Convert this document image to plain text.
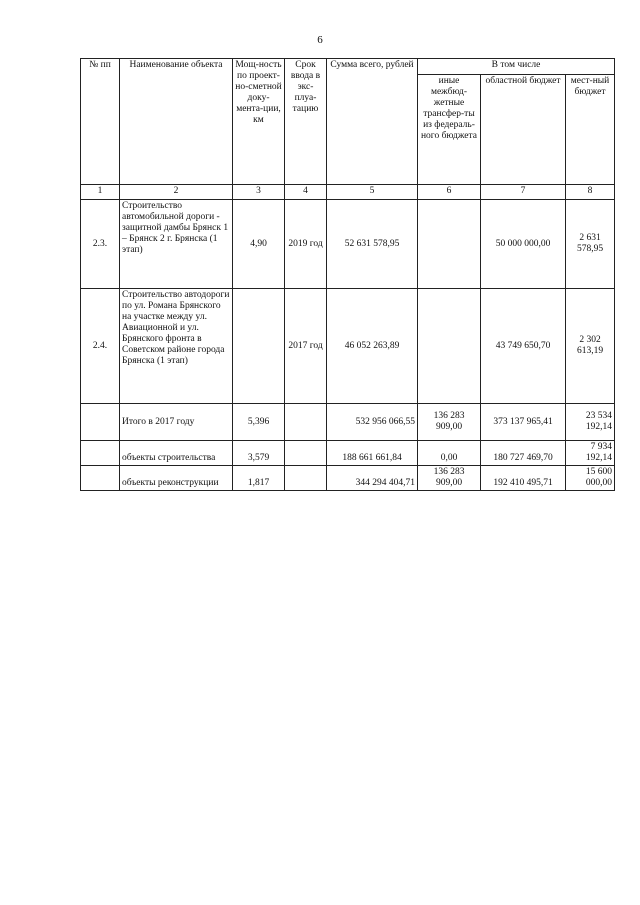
6
№ пп	Наименование объекта	Мощ-ность по проект-но-сметной доку-мента-ции, км	Срок ввода в экс-плуа-тацию	Сумма всего, рублей	В том числе		
					иные межбюд-жетные трансфер-ты из федераль-ного бюджета	областной бюджет	мест-ный бюджет
1	2	3	4	5	6	7	8
2.3.	Строительство автомобильной дороги - защитной дамбы Брянск 1 – Брянск 2 г. Брянска (1 этап)	4,90	2019 год	52 631 578,95		50 000 000,00	2 631 578,95
2.4.	Строительство автодороги по ул. Романа Брянского на участке между ул. Авиационной и ул. Брянского фронта в Советском районе города Брянска (1 этап)		2017 год	46 052 263,89		43 749 650,70	2 302 613,19
	Итого в 2017 году	5,396		532 956 066,55	136 283 909,00	373 137 965,41	23 534 192,14
	объекты строительства	3,579		188 661 661,84	0,00	180 727 469,70	7 934 192,14
	объекты реконструкции	1,817		344 294 404,71	136 283 909,00	192 410 495,71	15 600 000,00
